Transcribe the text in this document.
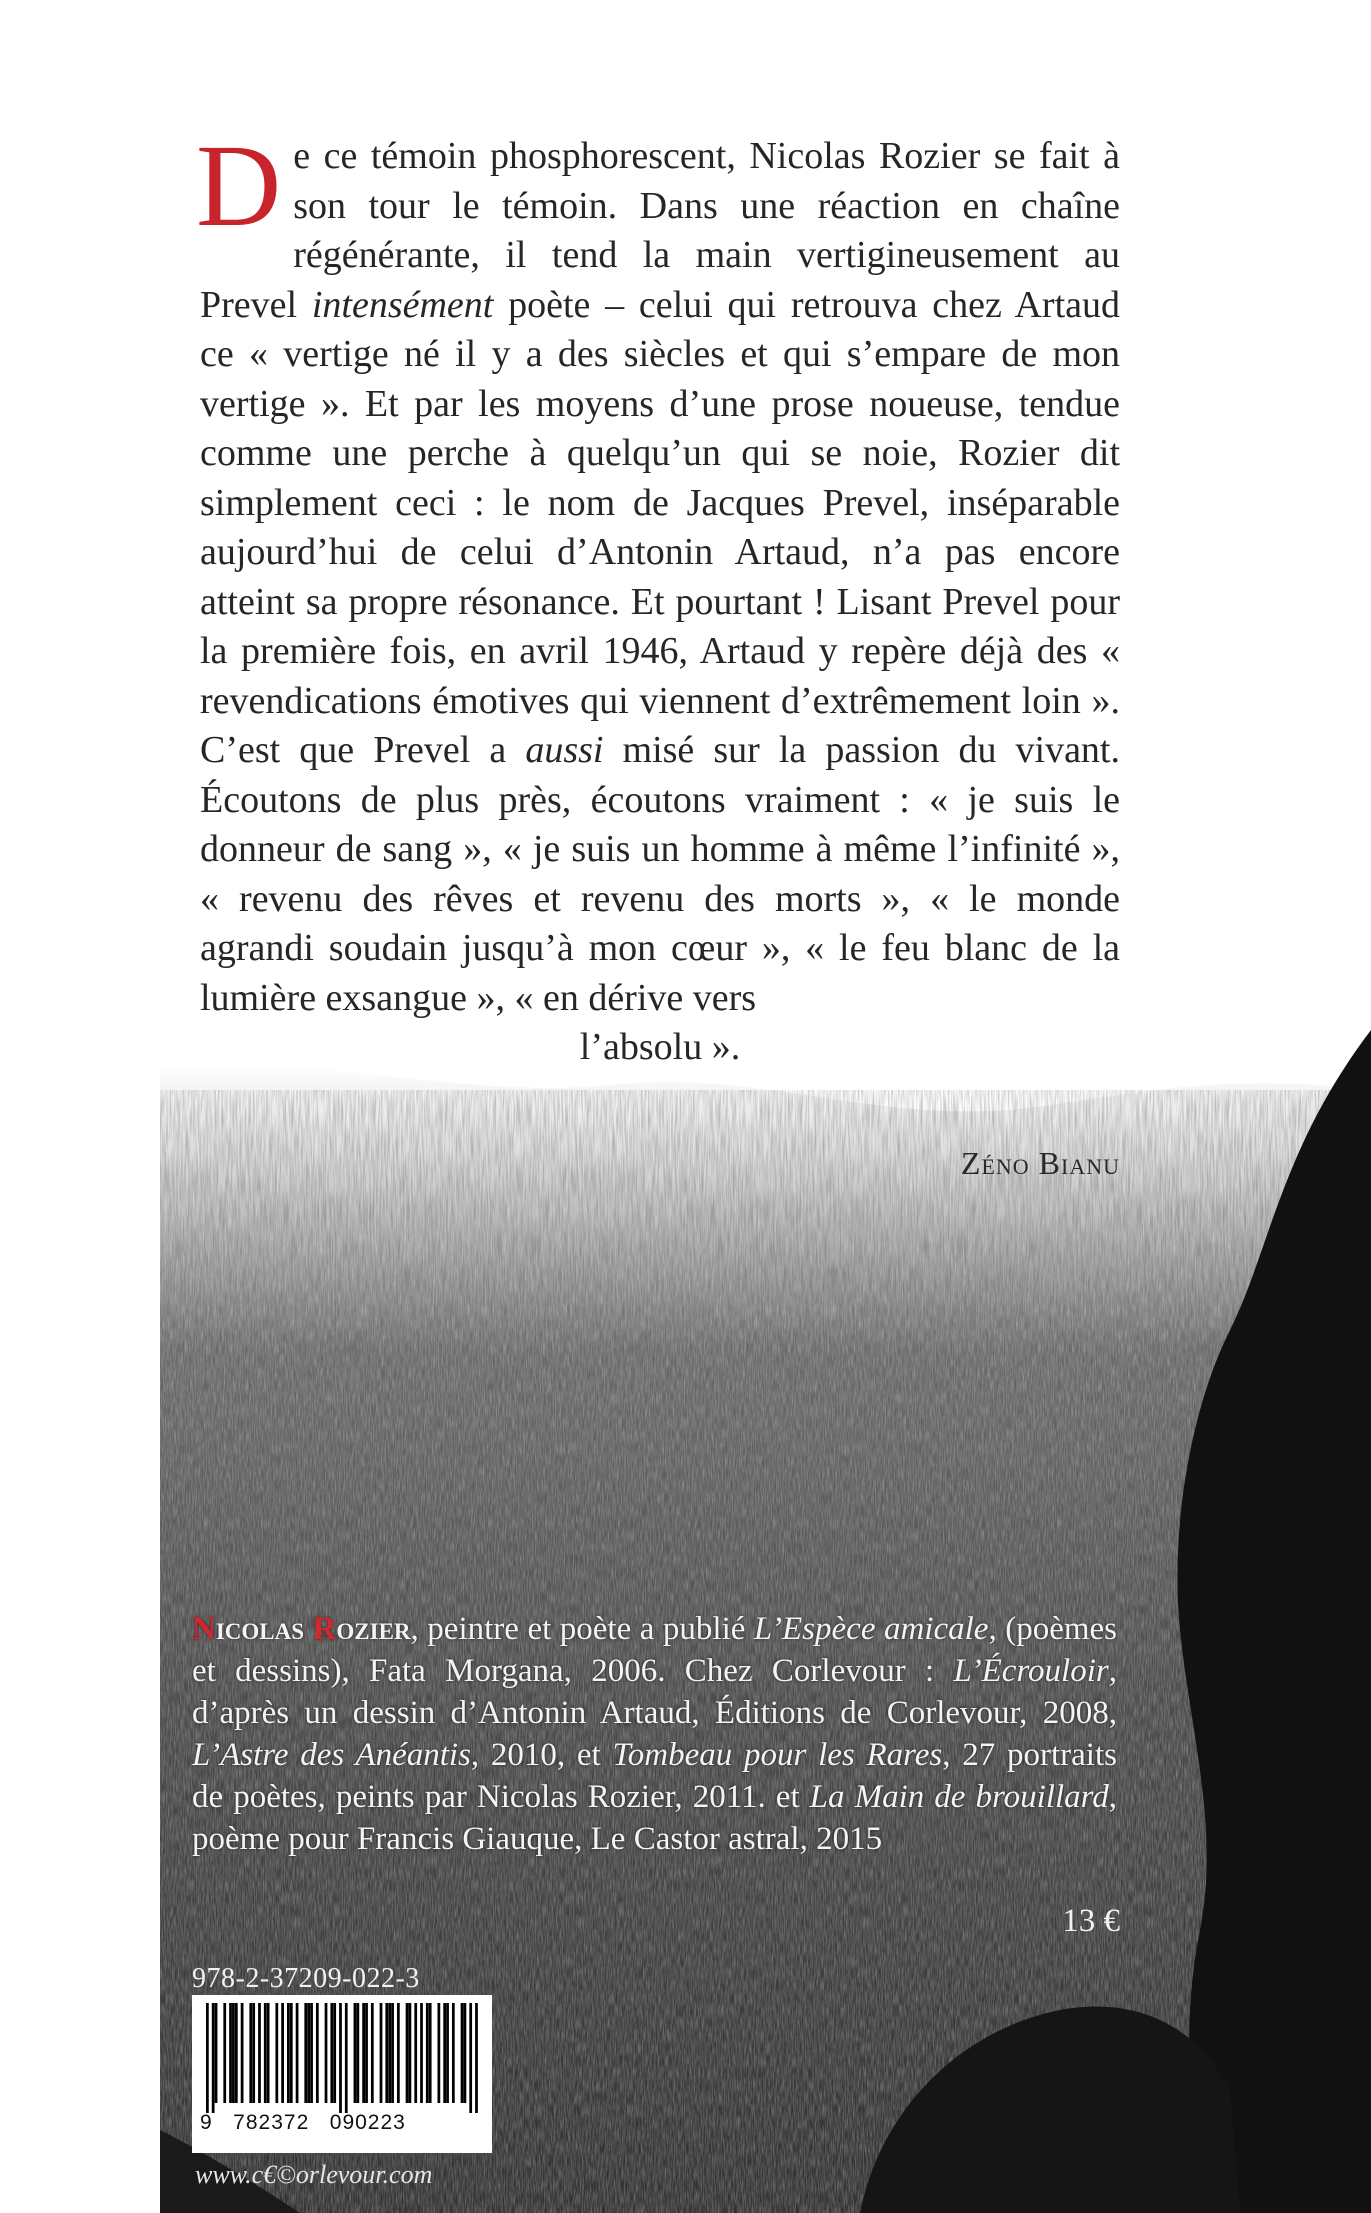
De ce témoin phosphorescent, Nicolas Rozier se fait à son tour le témoin. Dans une réaction en chaîne régénérante, il tend la main vertigineusement au Prevel intensément poète – celui qui retrouva chez Artaud ce « vertige né il y a des siècles et qui s’empare de mon vertige ». Et par les moyens d’une prose noueuse, tendue comme une perche à quelqu’un qui se noie, Rozier dit simplement ceci : le nom de Jacques Prevel, inséparable aujourd’hui de celui d’Antonin Artaud, n’a pas encore atteint sa propre résonance. Et pourtant ! Lisant Prevel pour la première fois, en avril 1946, Artaud y repère déjà des « revendications émotives qui viennent d’extrêmement loin ». C’est que Prevel a aussi misé sur la passion du vivant. Écoutons de plus près, écoutons vraiment : « je suis le donneur de sang », « je suis un homme à même l’infinité », « revenu des rêves et revenu des morts », « le monde agrandi soudain jusqu’à mon cœur », « le feu blanc de la lumière exsangue », « en dérive vers

l’absolu ».

Zéno Bianu
Nicolas Rozier, peintre et poète a publié L’Espèce amicale, (poèmes et dessins), Fata Morgana, 2006. Chez Corlevour : L’Écrouloir, d’après un dessin d’Antonin Artaud, Éditions de Corlevour, 2008, L’Astre des Anéantis, 2010, et Tombeau pour les Rares, 27 portraits de poètes, peints par Nicolas Rozier, 2011. et La Main de brouillard, poème pour Francis Giauque, Le Castor astral, 2015
13 €
978-2-37209-022-3
9   782372   090223
www.c€©orlevour.com
